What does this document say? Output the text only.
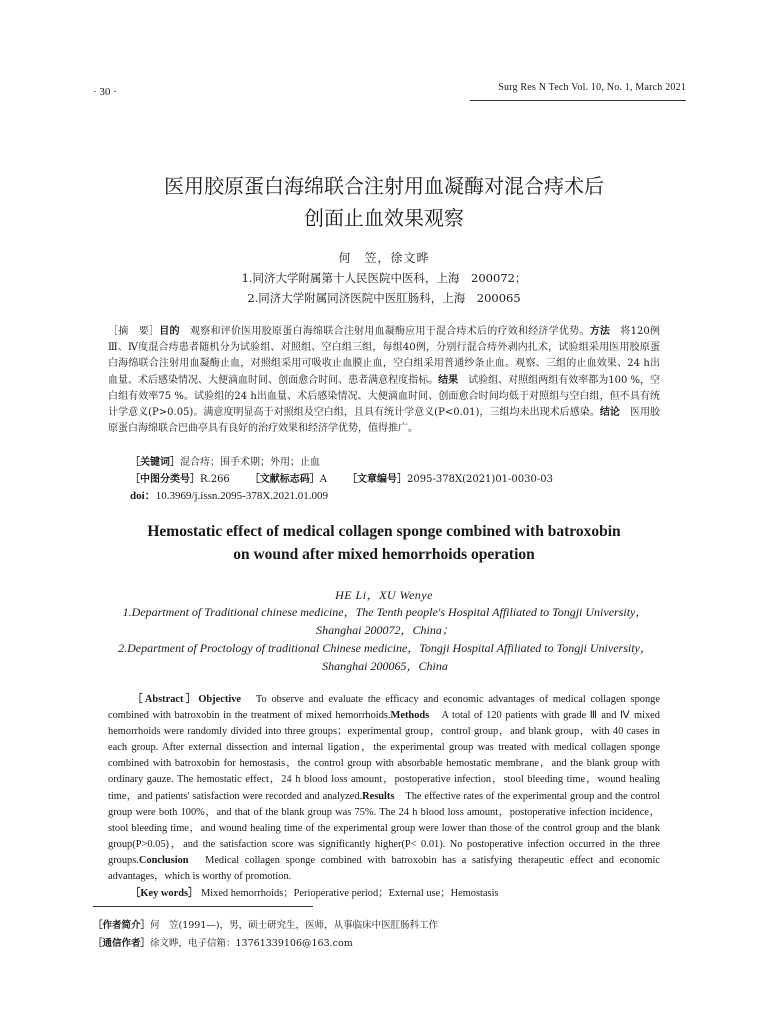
· 30 ·	Surg Res N Tech Vol. 10, No. 1, March 2021
医用胶原蛋白海绵联合注射用血凝酶对混合痔术后
创面止血效果观察
何　笠，徐文晔
1.同济大学附属第十人民医院中医科，上海　200072；
2.同济大学附属同济医院中医肛肠科，上海　200065
［摘　要］目的　观察和评价医用胶原蛋白海绵联合注射用血凝酶应用于混合痔术后的疗效和经济学优势。方法　将120例Ⅲ、Ⅳ度混合痔患者随机分为试验组、对照组、空白组三组，每组40例，分别行混合痔外剥内扎术，试验组采用医用胶原蛋白海绵联合注射用血凝酶止血，对照组采用可吸收止血膜止血，空白组采用普通纱条止血。观察、三组的止血效果、24 h出血量、术后感染情况、大便滴血时间、创面愈合时间、患者满意程度指标。结果　试验组、对照组两组有效率都为100 %，空白组有效率75 %。试验组的24 h出血量、术后感染情况、大便滴血时间、创面愈合时间均低于对照组与空白组，但不具有统计学意义(P>0.05)。满意度明显高于对照组及空白组，且具有统计学意义(P<0.01)，三组均未出现术后感染。结论　医用胶原蛋白海绵联合巴曲亭具有良好的治疗效果和经济学优势，值得推广。
［关键词］混合痔；围手术期；外用；止血
［中图分类号］R.266 ［文献标志码］A ［文章编号］2095-378X(2021)01-0030-03
doi：10.3969/j.issn.2095-378X.2021.01.009
Hemostatic effect of medical collagen sponge combined with batroxobin
on wound after mixed hemorrhoids operation
HE Li，XU Wenye
1.Department of Traditional chinese medicine，The Tenth people's Hospital Affiliated to Tongji University，Shanghai 200072，China；
2.Department of Proctology of traditional Chinese medicine，Tongji Hospital Affiliated to Tongji University，Shanghai 200065，China

［Abstract］Objective　To observe and evaluate the efficacy and economic advantages of medical collagen sponge combined with batroxobin in the treatment of mixed hemorrhoids.Methods　A total of 120 patients with grade Ⅲ and Ⅳ mixed hemorrhoids were randomly divided into three groups；experimental group，control group，and blank group，with 40 cases in each group. After external dissection and internal ligation，the experimental group was treated with medical collagen sponge combined with batroxobin for hemostasis，the control group with absorbable hemostatic membrane，and the blank group with ordinary gauze. The hemostatic effect，24 h blood loss amount，postoperative infection，stool bleeding time，wound healing time，and patients' satisfaction were recorded and analyzed.Results　The effective rates of the experimental group and the control group were both 100%，and that of the blank group was 75%. The 24 h blood loss amount，postoperative infection incidence，stool bleeding time，and wound healing time of the experimental group were lower than those of the control group and the blank group(P>0.05)，and the satisfaction score was significantly higher(P< 0.01). No postoperative infection occurred in the three groups.Conclusion　Medical collagen sponge combined with batroxobin has a satisfying therapeutic effect and economic advantages，which is worthy of promotion.

［Key words］ Mixed hemorrhoids；Perioperative period；External use；Hemostasis
［作者简介］何　笠(1991—)，男，硕士研究生，医师，从事临床中医肛肠科工作
［通信作者］徐文晔，电子信箱：13761339106@163.com
